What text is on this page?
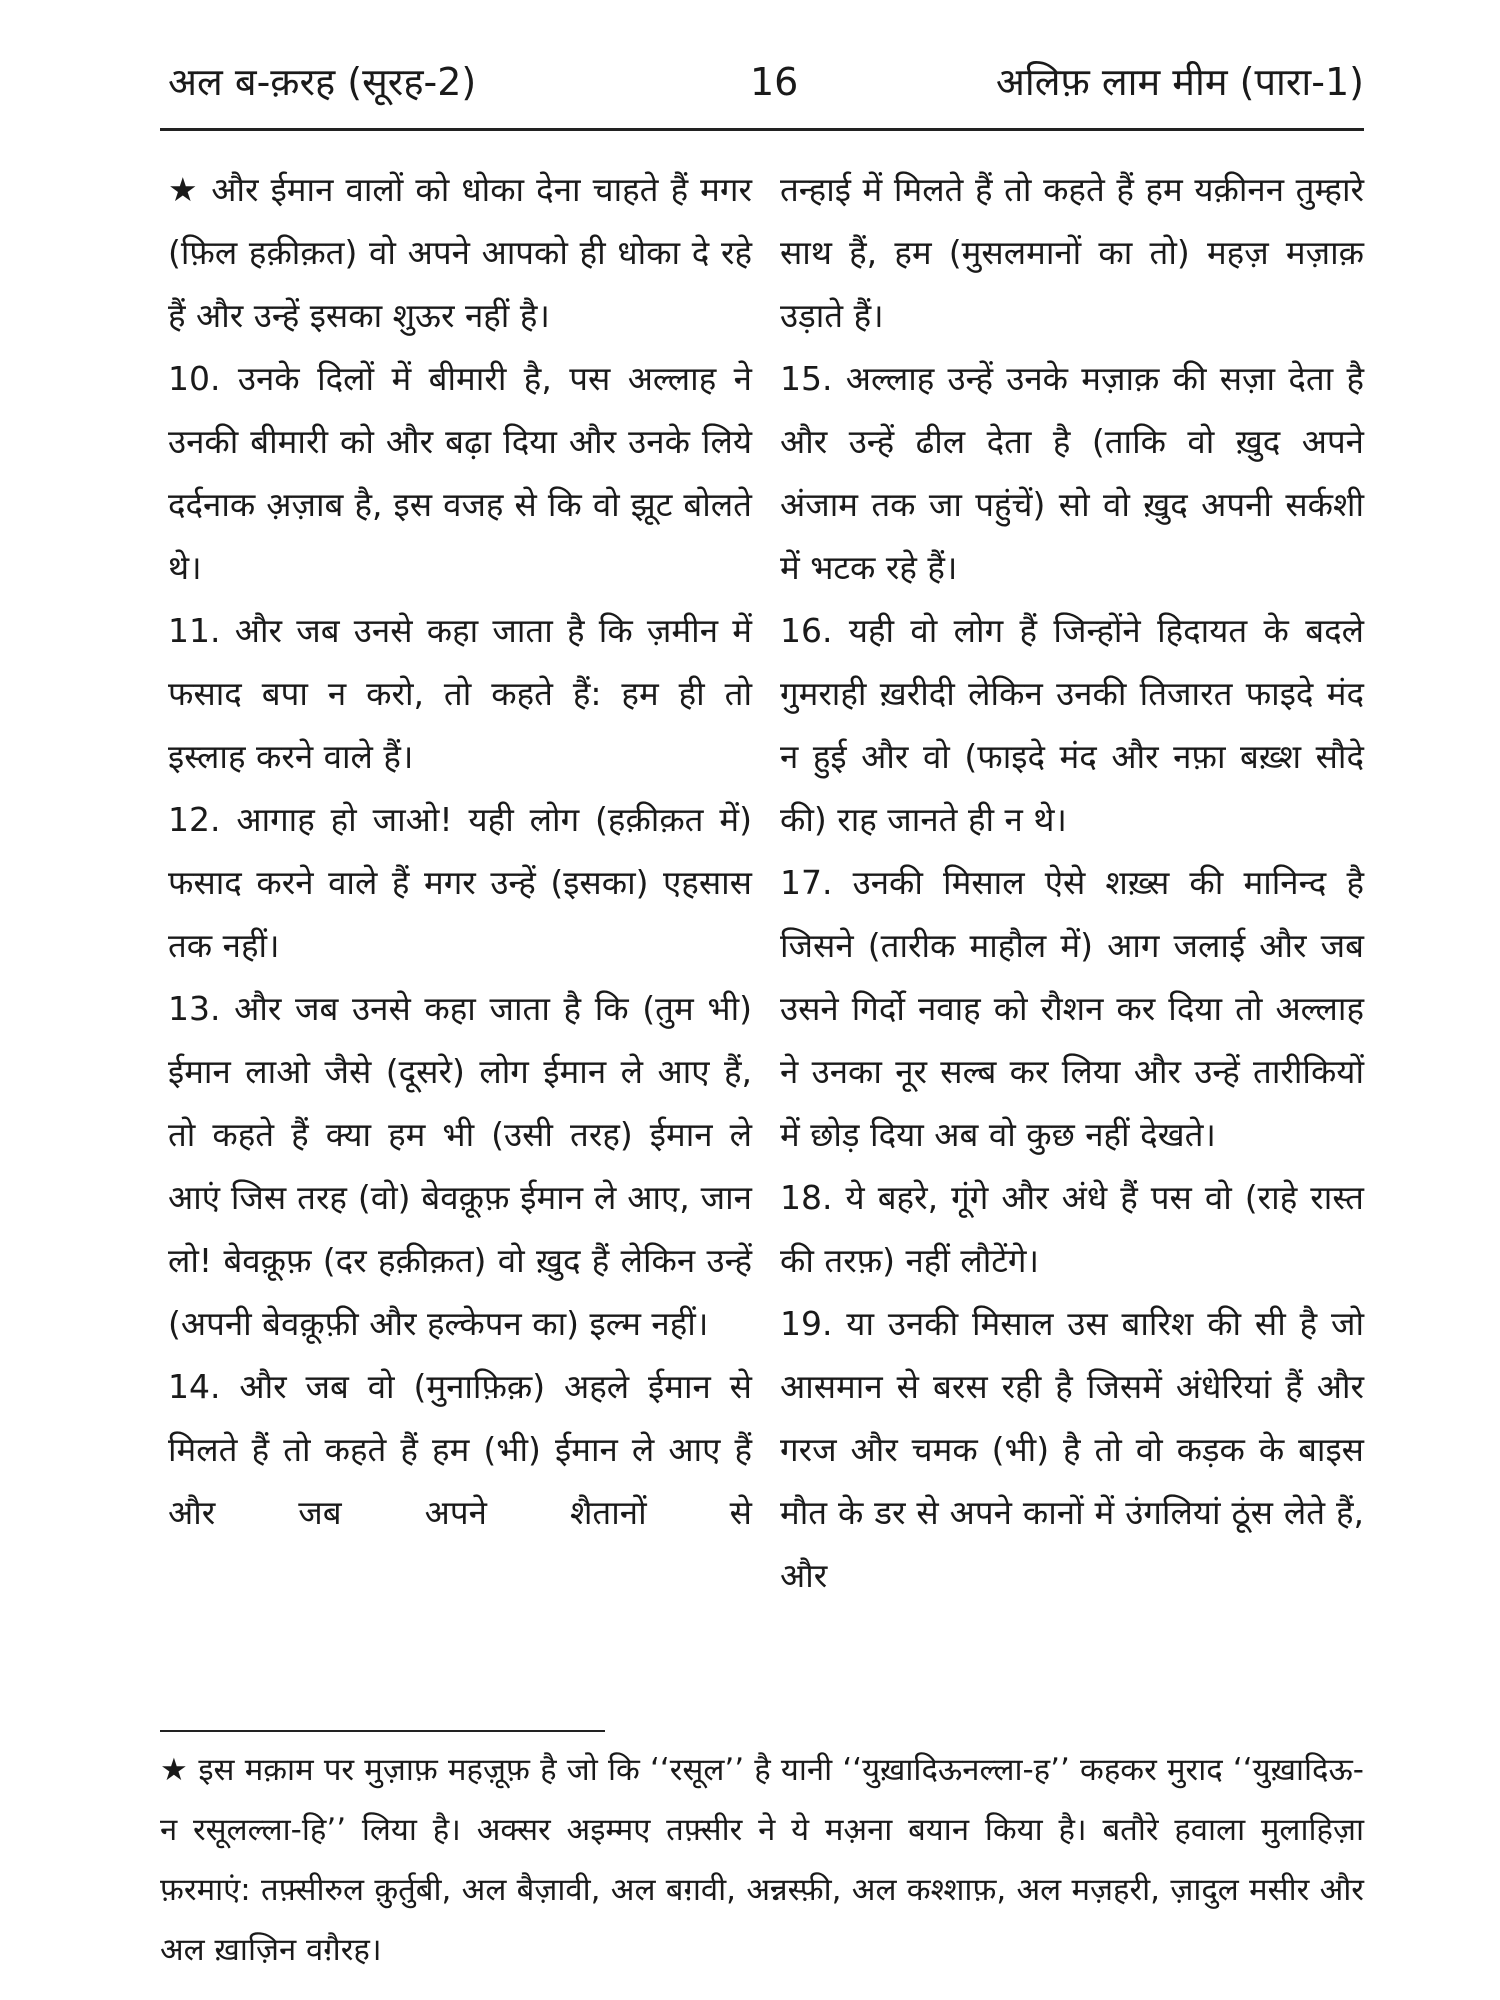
अल ब-क़रह (सूरह-2)	16	अलिफ़ लाम मीम (पारा-1)

★ और ईमान वालों को धोका देना चाहते हैं मगर (फ़िल हक़ीक़त) वो अपने आपको ही धोका दे रहे हैं और उन्हें इसका शुऊर नहीं है।

10. उनके दिलों में बीमारी है, पस अल्लाह ने उनकी बीमारी को और बढ़ा दिया और उनके लिये दर्दनाक अ़ज़ाब है, इस वजह से कि वो झूट बोलते थे।

11. और जब उनसे कहा जाता है कि ज़मीन में फसाद बपा न करो, तो कहते हैं: हम ही तो इस्लाह करने वाले हैं।

12. आगाह हो जाओ! यही लोग (हक़ीक़त में) फसाद करने वाले हैं मगर उन्हें (इसका) एहसास तक नहीं।

13. और जब उनसे कहा जाता है कि (तुम भी) ईमान लाओ जैसे (दूसरे) लोग ईमान ले आए हैं, तो कहते हैं क्या हम भी (उसी तरह) ईमान ले आएं जिस तरह (वो) बेवक़ूफ़ ईमान ले आए, जान लो! बेवक़ूफ़ (दर हक़ीक़त) वो ख़ुद हैं लेकिन उन्हें (अपनी बेवक़ूफ़ी और हल्केपन का) इल्म नहीं।

14. और जब वो (मुनाफ़िक़) अहले ईमान से मिलते हैं तो कहते हैं हम (भी) ईमान ले आए हैं और जब अपने शैतानों से

तन्हाई में मिलते हैं तो कहते हैं हम यक़ीनन तुम्हारे साथ हैं, हम (मुसलमानों का तो) महज़ मज़ाक़ उड़ाते हैं।

15. अल्लाह उन्हें उनके मज़ाक़ की सज़ा देता है और उन्हें ढील देता है (ताकि वो ख़ुद अपने अंजाम तक जा पहुंचें) सो वो ख़ुद अपनी सर्कशी में भटक रहे हैं।

16. यही वो लोग हैं जिन्होंने हिदायत के बदले गुमराही ख़रीदी लेकिन उनकी तिजारत फाइदे मंद न हुई और वो (फाइदे मंद और नफ़ा बख़्श सौदे की) राह जानते ही न थे।

17. उनकी मिसाल ऐसे शख़्स की मानिन्द है जिसने (तारीक माहौल में) आग जलाई और जब उसने गिर्दो नवाह को रौशन कर दिया तो अल्लाह ने उनका नूर सल्ब कर लिया और उन्हें तारीकियों में छोड़ दिया अब वो कुछ नहीं देखते।

18. ये बहरे, गूंगे और अंधे हैं पस वो (राहे रास्त की तरफ़) नहीं लौटेंगे।

19. या उनकी मिसाल उस बारिश की सी है जो आसमान से बरस रही है जिसमें अंधेरियां हैं और गरज और चमक (भी) है तो वो कड़क के बाइस मौत के डर से अपने कानों में उंगलियां ठूंस लेते हैं, और

★ इस मक़ाम पर मुज़ाफ़ महज़ूफ़ है जो कि ‘‘रसूल’’ है यानी ‘‘युख़ादिऊनल्ला-ह’’ कहकर मुराद ‘‘युख़ादिऊ-न रसूलल्ला-हि’’ लिया है। अक्सर अइम्मए तफ़्सीर ने ये मअ़ना बयान किया है। बतौरे हवाला मुलाहिज़ा फ़रमाएं: तफ़्सीरुल क़ुर्तुबी, अल बैज़ावी, अल बग़वी, अन्नस्फ़ी, अल कश्शाफ़, अल मज़हरी, ज़ादुल मसीर और अल ख़ाज़िन वग़ैरह।
